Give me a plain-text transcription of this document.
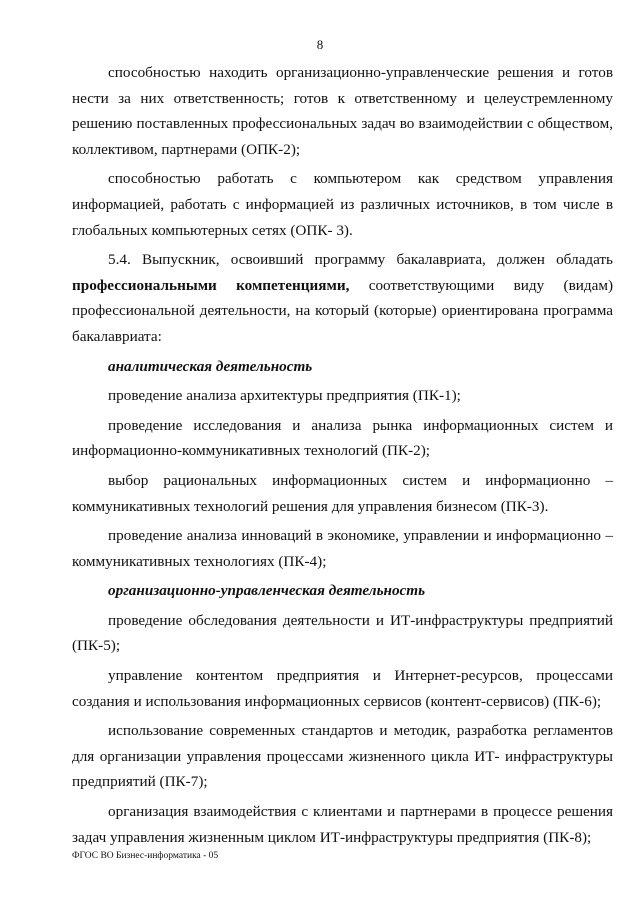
8

способностью находить организационно-управленческие решения и готов нести за них ответственность; готов к ответственному и целеустремленному решению поставленных профессиональных задач во взаимодействии с обществом, коллективом, партнерами (ОПК-2);

способностью работать с компьютером как средством управления информацией, работать с информацией из различных источников, в том числе в глобальных компьютерных сетях (ОПК- 3).

5.4. Выпускник, освоивший программу бакалавриата, должен обладать профессиональными компетенциями, соответствующими виду (видам) профессиональной деятельности, на который (которые) ориентирована программа бакалавриата:

аналитическая деятельность

проведение анализа архитектуры предприятия (ПК-1);

проведение исследования и анализа рынка информационных систем и информационно-коммуникативных технологий (ПК-2);

выбор рациональных информационных систем и информационно – коммуникативных технологий решения для управления бизнесом (ПК-3).

проведение анализа инноваций в экономике, управлении и информационно – коммуникативных технологиях (ПК-4);

организационно-управленческая деятельность

проведение обследования деятельности и ИТ-инфраструктуры предприятий (ПК-5);

управление контентом предприятия и Интернет-ресурсов, процессами создания и использования информационных сервисов (контент-сервисов) (ПК-6);

использование современных стандартов и методик, разработка регламентов для организации управления процессами жизненного цикла ИТ- инфраструктуры предприятий (ПК-7);

организация взаимодействия с клиентами и партнерами в процессе решения задач управления жизненным циклом ИТ-инфраструктуры предприятия (ПК-8);

ФГОС ВО Бизнес-информатика - 05
